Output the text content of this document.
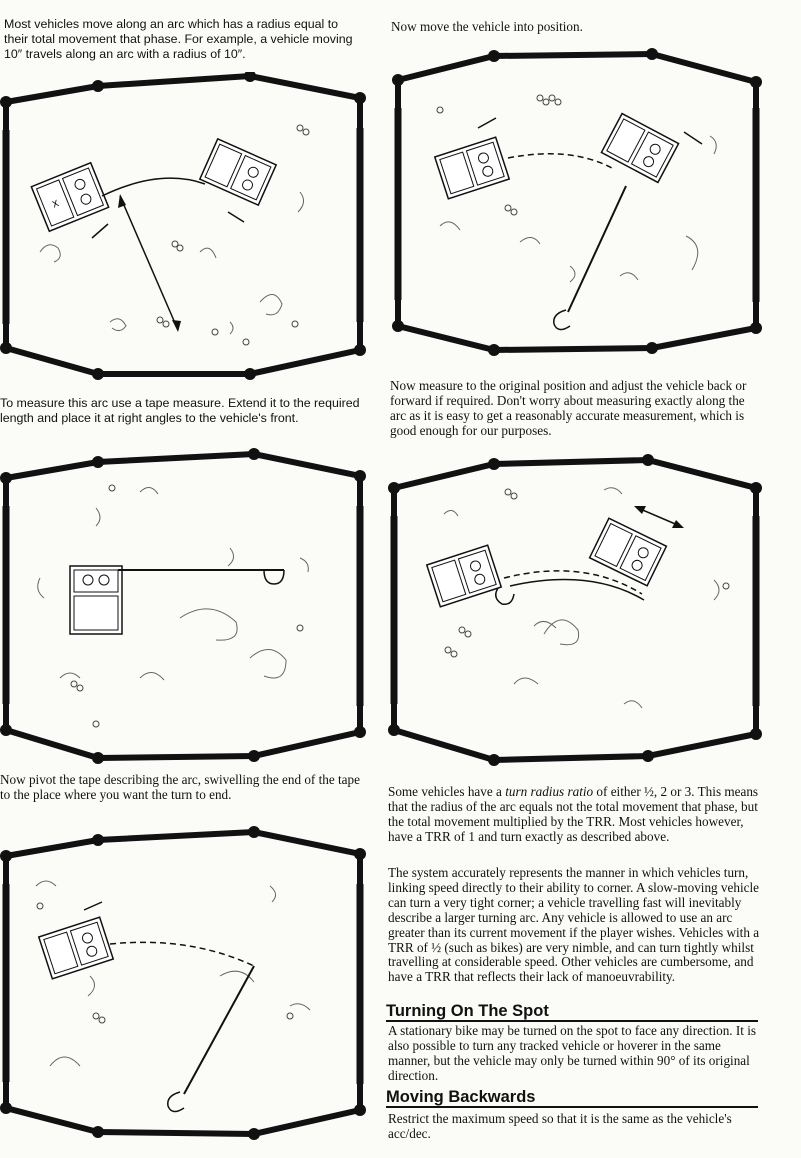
Most vehicles move along an arc which has a radius equal to their total movement that phase. For example, a vehicle moving 10″ travels along an arc with a radius of 10″.
To measure this arc use a tape measure. Extend it to the required length and place it at right angles to the vehicle's front.
Now pivot the tape describing the arc, swivelling the end of the tape to the place where you want the turn to end.
Now move the vehicle into position.
Now measure to the original position and adjust the vehicle back or forward if required. Don't worry about measuring exactly along the arc as it is easy to get a reasonably accurate measurement, which is good enough for our purposes.
Some vehicles have a turn radius ratio of either ½, 2 or 3. This means that the radius of the arc equals not the total movement that phase, but the total movement multiplied by the TRR. Most vehicles however, have a TRR of 1 and turn exactly as described above.
The system accurately represents the manner in which vehicles turn, linking speed directly to their ability to corner. A slow-moving vehicle can turn a very tight corner; a vehicle travelling fast will inevitably describe a larger turning arc. Any vehicle is allowed to use an arc greater than its current movement if the player wishes. Vehicles with a TRR of ½ (such as bikes) are very nimble, and can turn tightly whilst travelling at considerable speed. Other vehicles are cumbersome, and have a TRR that reflects their lack of manoeuvrability.
Turning On The Spot
A stationary bike may be turned on the spot to face any direction. It is also possible to turn any tracked vehicle or hoverer in the same manner, but the vehicle may only be turned within 90° of its original direction.
Moving Backwards
Restrict the maximum speed so that it is the same as the vehicle's acc/dec.
X
